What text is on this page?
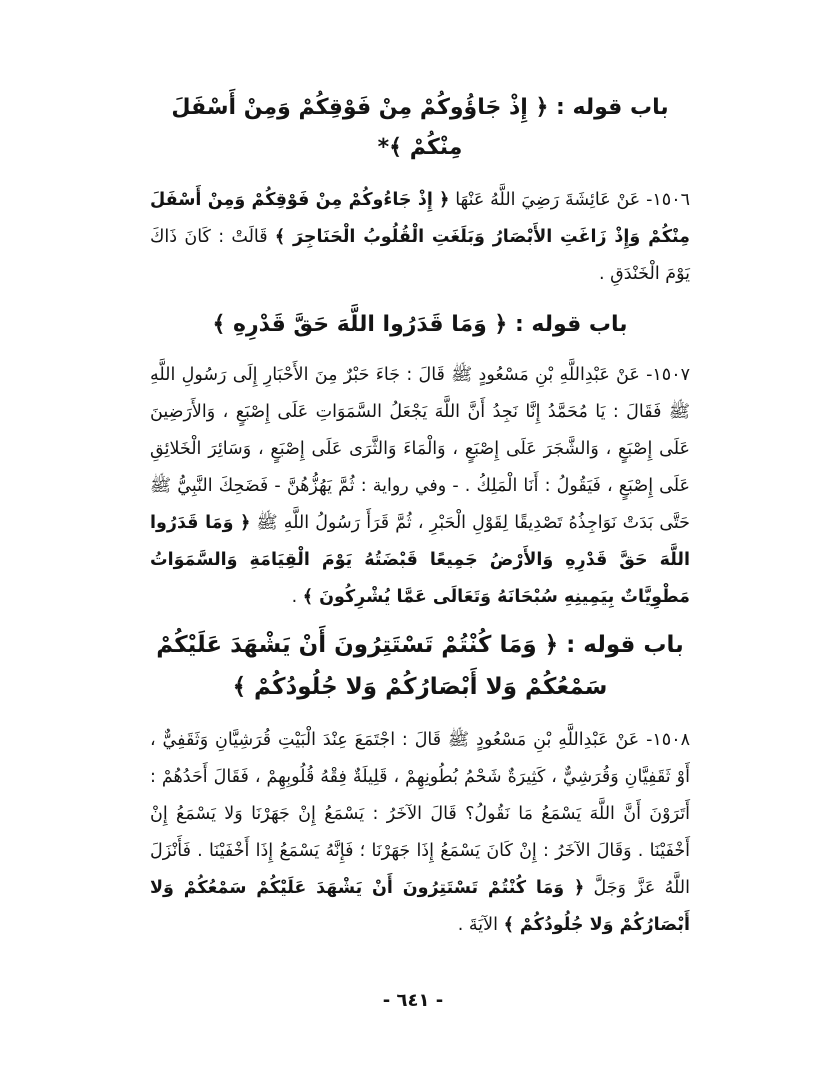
باب قوله : ﴿ إِذْ جَاؤُوكُمْ مِنْ فَوْقِكُمْ وَمِنْ أَسْفَلَ مِنْكُمْ ﴾*

١٥٠٦- عَنْ عَائِشَةَ رَضِيَ اللَّهُ عَنْهَا ﴿ إِذْ جَاءُوكُمْ مِنْ فَوْقِكُمْ وَمِنْ أَسْفَلَ مِنْكُمْ وَإِذْ زَاغَتِ الأَبْصَارُ وَبَلَغَتِ الْقُلُوبُ الْحَنَاجِرَ ﴾ قَالَتْ : كَانَ ذَاكَ يَوْمَ الْخَنْدَقِ .

باب قوله : ﴿ وَمَا قَدَرُوا اللَّهَ حَقَّ قَدْرِهِ ﴾

١٥٠٧- عَنْ عَبْدِاللَّهِ بْنِ مَسْعُودٍ ﷺ قَالَ : جَاءَ حَبْرٌ مِنَ الأَحْبَارِ إِلَى رَسُولِ اللَّهِ ﷺ فَقَالَ : يَا مُحَمَّدُ إِنَّا نَجِدُ أَنَّ اللَّهَ يَجْعَلُ السَّمَوَاتِ عَلَى إِصْبَعٍ ، وَالأَرَضِينَ عَلَى إِصْبَعٍ ، وَالشَّجَرَ عَلَى إِصْبَعٍ ، وَالْمَاءَ وَالثَّرَى عَلَى إِصْبَعٍ ، وَسَائِرَ الْخَلائِقِ عَلَى إِصْبَعٍ ، فَيَقُولُ : أَنَا الْمَلِكُ . - وفي رواية : ثُمَّ يَهُزُّهُنَّ - فَضَحِكَ النَّبِيُّ ﷺ حَتَّى بَدَتْ نَوَاجِذُهُ تَصْدِيقًا لِقَوْلِ الْحَبْرِ ، ثُمَّ قَرَأَ رَسُولُ اللَّهِ ﷺ ﴿ وَمَا قَدَرُوا اللَّهَ حَقَّ قَدْرِهِ وَالأَرْضُ جَمِيعًا قَبْضَتُهُ يَوْمَ الْقِيَامَةِ وَالسَّمَوَاتُ مَطْوِيَّاتٌ بِيَمِينِهِ سُبْحَانَهُ وَتَعَالَى عَمَّا يُشْرِكُونَ ﴾ .

باب قوله : ﴿ وَمَا كُنْتُمْ تَسْتَتِرُونَ أَنْ يَشْهَدَ عَلَيْكُمْ سَمْعُكُمْ وَلا أَبْصَارُكُمْ وَلا جُلُودُكُمْ ﴾

١٥٠٨- عَنْ عَبْدِاللَّهِ بْنِ مَسْعُودٍ ﷺ قَالَ : اجْتَمَعَ عِنْدَ الْبَيْتِ قُرَشِيَّانِ وَثَقَفِيٌّ ، أَوْ ثَقَفِيَّانِ وَقُرَشِيٌّ ، كَثِيرَةٌ شَحْمُ بُطُونِهِمْ ، قَلِيلَةٌ فِقْهُ قُلُوبِهِمْ ، فَقَالَ أَحَدُهُمْ : أَتَرَوْنَ أَنَّ اللَّهَ يَسْمَعُ مَا نَقُولُ؟ قَالَ الآخَرُ : يَسْمَعُ إِنْ جَهَرْنَا وَلا يَسْمَعُ إِنْ أَخْفَيْنَا . وَقَالَ الآخَرُ : إِنْ كَانَ يَسْمَعُ إِذَا جَهَرْنَا ؛ فَإِنَّهُ يَسْمَعُ إِذَا أَخْفَيْنَا . فَأَنْزَلَ اللَّهُ عَزَّ وَجَلَّ ﴿ وَمَا كُنْتُمْ تَسْتَتِرُونَ أَنْ يَشْهَدَ عَلَيْكُمْ سَمْعُكُمْ وَلا أَبْصَارُكُمْ وَلا جُلُودُكُمْ ﴾ الآيَةَ .

- ٦٤١ -
